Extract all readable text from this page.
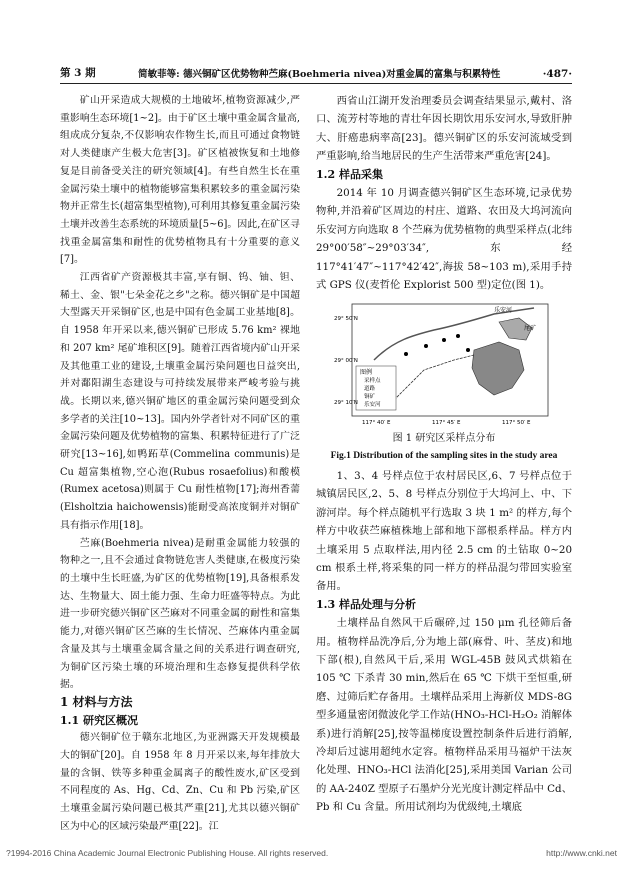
第 3 期	简敏菲等: 德兴铜矿区优势物种苎麻(Boehmeria nivea)对重金属的富集与积累特性	·487·

矿山开采造成大规模的土地破坏,植物资源减少,严重影响生态环境[1~2]。由于矿区土壤中重金属含量高,组成成分复杂,不仅影响农作物生长,而且可通过食物链对人类健康产生极大危害[3]。矿区植被恢复和土地修复是目前备受关注的研究领域[4]。有些自然生长在重金属污染土壤中的植物能够富集积累较多的重金属污染物并正常生长(超富集型植物),可利用其修复重金属污染土壤并改善生态系统的环境质量[5~6]。因此,在矿区寻找重金属富集和耐性的优势植物具有十分重要的意义[7]。

江西省矿产资源极其丰富,享有铜、钨、铀、钽、稀土、金、银"七朵金花之乡"之称。德兴铜矿是中国超大型露天开采铜矿区,也是中国有色金属工业基地[8]。自 1958 年开采以来,德兴铜矿已形成 5.76 km² 裸地和 207 km² 尾矿堆积区[9]。随着江西省境内矿山开采及其他重工业的建设,土壤重金属污染问题也日益突出,并对鄱阳湖生态建设与可持续发展带来严峻考验与挑战。长期以来,德兴铜矿地区的重金属污染问题受到众多学者的关注[10~13]。国内外学者针对不同矿区的重金属污染问题及优势植物的富集、积累特征进行了广泛研究[13~16],如鸭跖草(Commelina communis)是 Cu 超富集植物,空心泡(Rubus rosaefolius)和酸模(Rumex acetosa)则属于 Cu 耐性植物[17];海州香薷(Elsholtzia haichowensis)能耐受高浓度铜并对铜矿具有指示作用[18]。

苎麻(Boehmeria nivea)是耐重金属能力较强的物种之一,且不会通过食物链危害人类健康,在极度污染的土壤中生长旺盛,为矿区的优势植物[19],具备根系发达、生物量大、固土能力强、生命力旺盛等特点。为此进一步研究德兴铜矿区苎麻对不同重金属的耐性和富集能力,对德兴铜矿区苎麻的生长情况、苎麻体内重金属含量及其与土壤重金属含量之间的关系进行调查研究,为铜矿区污染土壤的环境治理和生态修复提供科学依据。

1 材料与方法

1.1 研究区概况

德兴铜矿位于赣东北地区,为亚洲露天开发规模最大的铜矿[20]。自 1958 年 8 月开采以来,每年排放大量的含铜、铁等多种重金属离子的酸性废水,矿区受到不同程度的 As、Hg、Cd、Zn、Cu 和 Pb 污染,矿区土壤重金属污染问题已极其严重[21],尤其以德兴铜矿区为中心的区域污染最严重[22]。江

西省山江湖开发治理委员会调查结果显示,戴村、洛口、流芳村等地的青壮年因长期饮用乐安河水,导致肝肿大、肝癌患病率高[23]。德兴铜矿区的乐安河流域受到严重影响,给当地居民的生产生活带来严重危害[24]。

1.2 样品采集

2014 年 10 月调查德兴铜矿区生态环境,记录优势物种,并沿着矿区周边的村庄、道路、农田及大坞河流向乐安河方向选取 8 个苎麻为优势植物的典型采样点(北纬 29°00′58″~29°03′34″,东经 117°41′47″~117°42′42″,海拔 58~103 m),采用手持式 GPS 仪(麦哲伦 Explorist 500 型)定位(图 1)。

图例
采样点
道路
铜矿
乐安河
乐安河
尾矿
29° 50′N
29° 00′N
29° 10′N
117° 40′ E	117° 45′ E	117° 50′ E
图 1 研究区采样点分布
Fig.1 Distribution of the sampling sites in the study area

1、3、4 号样点位于农村居民区,6、7 号样点位于城镇居民区,2、5、8 号样点分别位于大坞河上、中、下游河岸。每个样点随机平行选取 3 块 1 m² 的样方,每个样方中收获苎麻植株地上部和地下部根系样品。样方内土壤采用 5 点取样法,用内径 2.5 cm 的土钻取 0~20 cm 根系土样,将采集的同一样方的样品混匀带回实验室备用。

1.3 样品处理与分析

土壤样品自然风干后碾碎,过 150 μm 孔径筛后备用。植物样品洗净后,分为地上部(麻骨、叶、茎皮)和地下部(根),自然风干后,采用 WGL-45B 鼓风式烘箱在 105 ℃ 下杀青 30 min,然后在 65 ℃ 下烘干至恒重,研磨、过筛后贮存备用。土壤样品采用上海新仪 MDS-8G 型多通量密闭微波化学工作站(HNO₃-HCl-H₂O₂ 消解体系)进行消解[25],按等温梯度设置控制条件后进行消解,冷却后过滤用超纯水定容。植物样品采用马福炉干法灰化处理、HNO₃-HCl 法消化[25],采用美国 Varian 公司的 AA-240Z 型原子石墨炉分光光度计测定样品中 Cd、Pb 和 Cu 含量。所用试剂均为优级纯,土壤底

?1994-2016 China Academic Journal Electronic Publishing House. All rights reserved.	http://www.cnki.net
